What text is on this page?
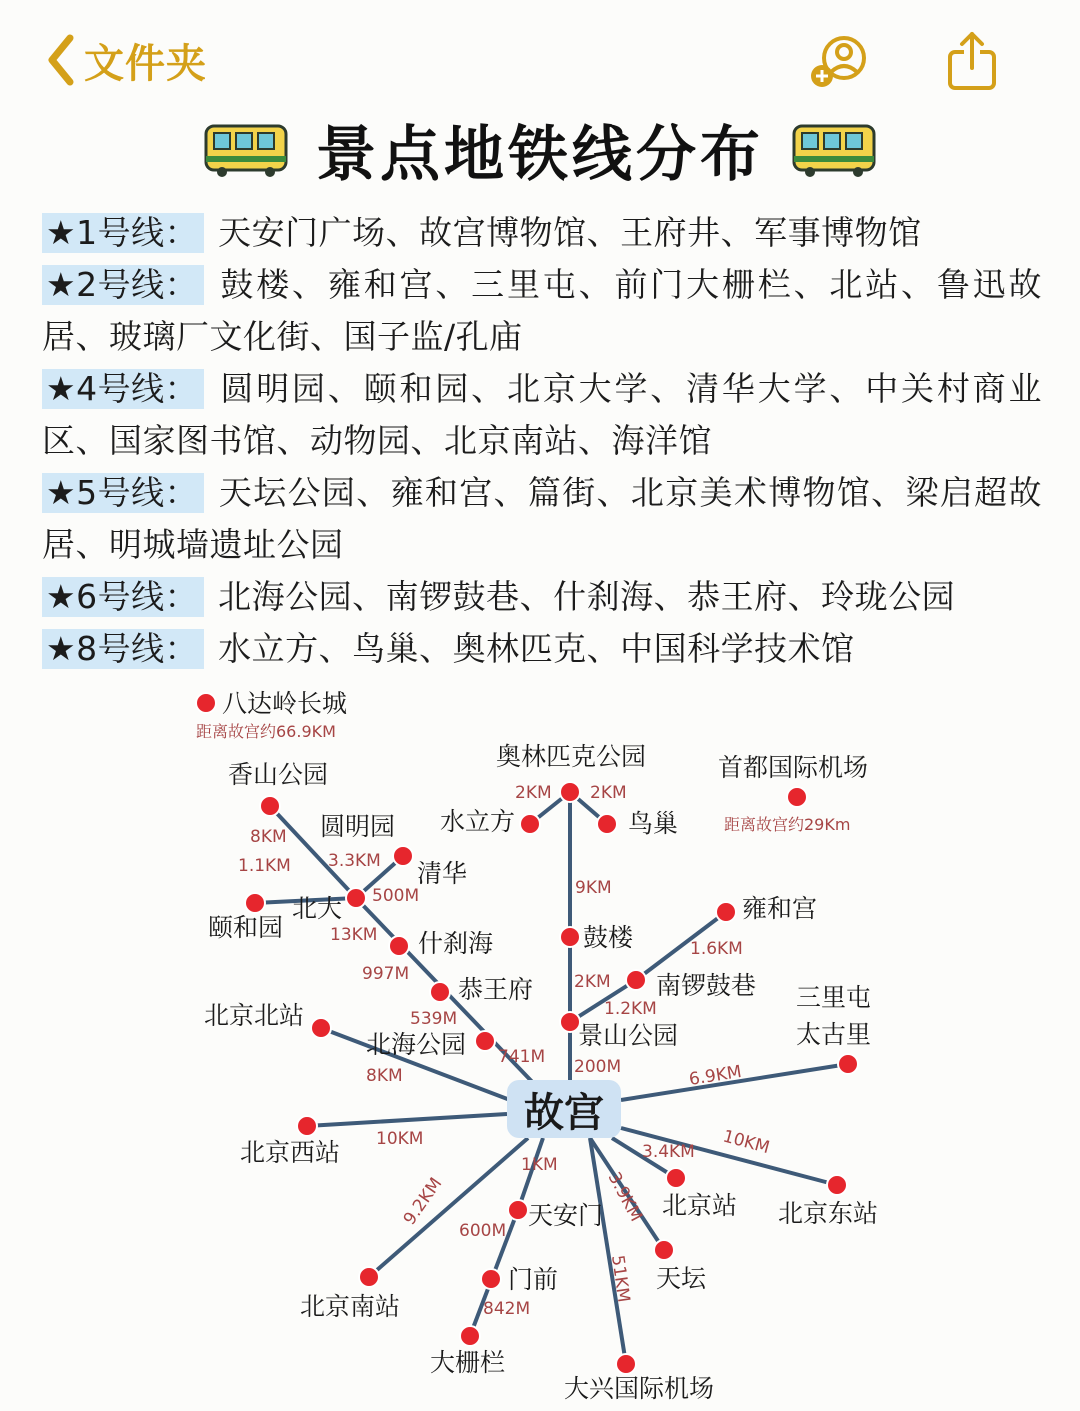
文件夹
景点地铁线分布
★1号线： 天安门广场、故宫博物馆、王府井、军事博物馆
★2号线： 鼓楼、雍和宫、三里屯、前门大栅栏、北站、鲁迅故居、玻璃厂文化街、国子监/孔庙
★4号线： 圆明园、颐和园、北京大学、清华大学、中关村商业区、国家图书馆、动物园、北京南站、海洋馆
★5号线： 天坛公园、雍和宫、篇街、北京美术博物馆、梁启超故居、明城墙遗址公园
★6号线： 北海公园、南锣鼓巷、什刹海、恭王府、玲珑公园
★8号线： 水立方、鸟巢、奥林匹克、中国科学技术馆
八达岭长城
距离故宫约66.9KM
首都国际机场
距离故宫约29Km
奥林匹克公园
水立方	鸟巢
香山公园
圆明园
清华
北大
颐和园
什刹海
恭王府
北海公园
鼓楼
雍和宫
南锣鼓巷
景山公园
三里屯
太古里
北京北站
北京西站
北京东站
北京站
天安门
天坛
北京南站
门前
大栅栏
大兴国际机场
2KM 2KM
9KM
2KM
1.6KM
1.2KM
200M
8KM
1.1KM 3.3KM
500M
13KM
997M
539M
741M
8KM	6.9KM
10KM	10KM
3.4KM
3.9KM
1KM
9.2KM
600M
842M
51KM
故宫
